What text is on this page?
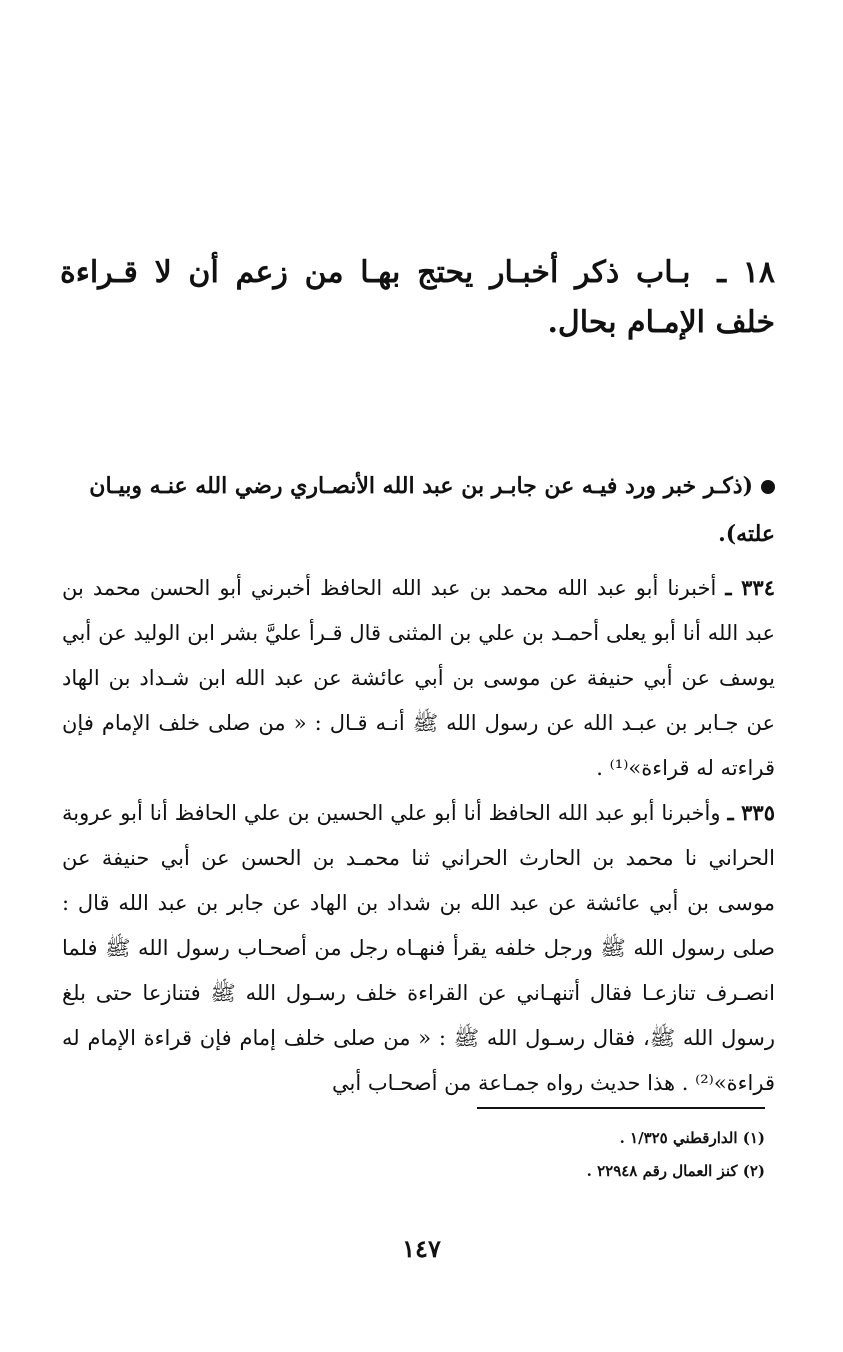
١٨ ـ بـاب ذكر أخبـار يحتج بهـا من زعم أن لا قـراءة خلف الإمـام بحال.
(ذكـر خبر ورد فيـه عن جابـر بن عبد الله الأنصـاري رضي الله عنـه وبيـان علته).
٣٣٤ ـ أخبرنا أبو عبد الله محمد بن عبد الله الحافظ أخبرني أبو الحسن محمد بن عبد الله أنا أبو يعلى أحمـد بن علي بن المثنى قال قـرأ عليَّ بشر ابن الوليد عن أبي يوسف عن أبي حنيفة عن موسى بن أبي عائشة عن عبد الله ابن شـداد بن الهاد عن جـابر بن عبـد الله عن رسول الله ﷺ أنـه قـال : « من صلى خلف الإمام فإن قراءته له قراءة»⁽¹⁾ .
٣٣٥ ـ وأخبرنا أبو عبد الله الحافظ أنا أبو علي الحسين بن علي الحافظ أنا أبو عروبة الحراني نا محمد بن الحارث الحراني ثنا محمـد بن الحسن عن أبي حنيفة عن موسى بن أبي عائشة عن عبد الله بن شداد بن الهاد عن جابر بن عبد الله قال : صلى رسول الله ﷺ ورجل خلفه يقرأ فنهـاه رجل من أصحـاب رسول الله ﷺ فلما انصـرف تنازعـا فقال أتنهـاني عن القراءة خلف رسـول الله ﷺ فتنازعا حتى بلغ رسول الله ﷺ، فقال رسـول الله ﷺ : « من صلى خلف إمام فإن قراءة الإمام له قراءة»⁽²⁾ . هذا حديث رواه جمـاعة من أصحـاب أبي
(١) الدارقطني ١/٣٢٥ .
(٢) كنز العمال رقم ٢٢٩٤٨ .
١٤٧
